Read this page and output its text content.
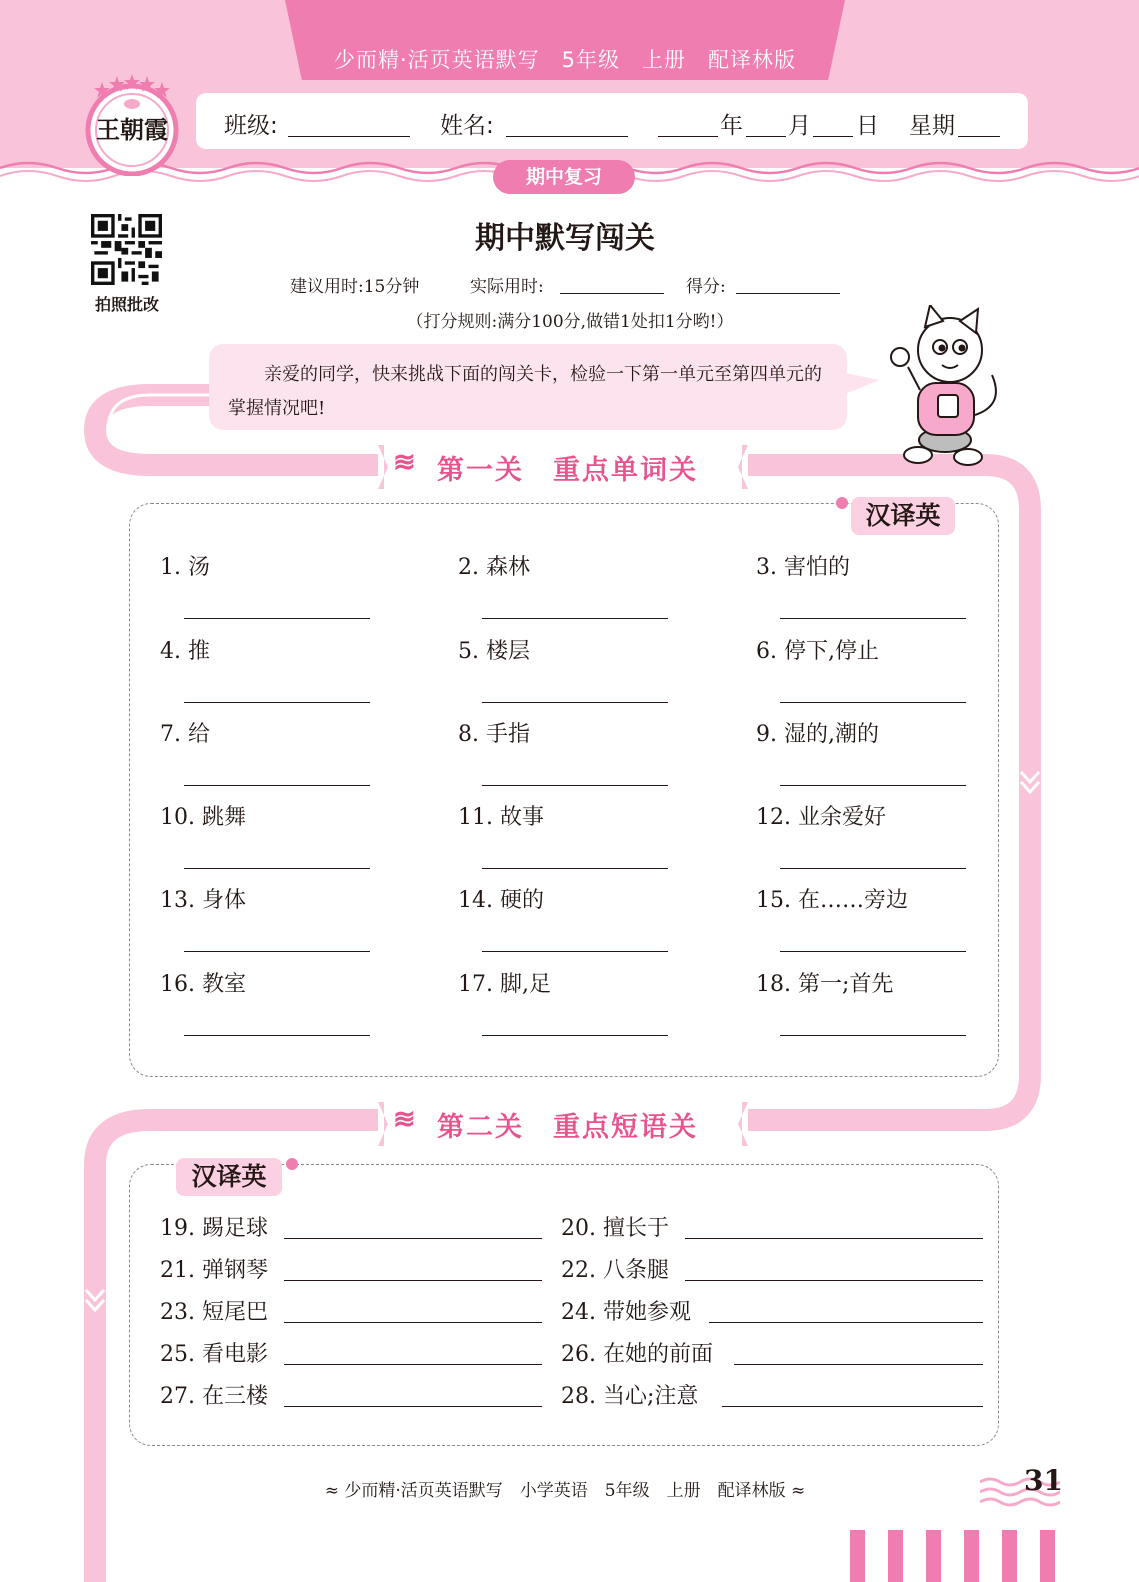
少而精·活页英语默写　5年级　上册　配译林版
班级:	姓名:	年 月 日 星期
王朝霞
期中复习
拍照批改
期中默写闯关
建议用时:15分钟	实际用时:	得分:
（打分规则:满分100分,做错1处扣1分哟!）
亲爱的同学，快来挑战下面的闯关卡，检验一下第一单元至第四单元的掌握情况吧!
≋ 第一关　重点单词关
汉译英
1. 汤	2. 森林	3. 害怕的
4. 推	5. 楼层	6. 停下,停止
7. 给	8. 手指	9. 湿的,潮的
10. 跳舞	11. 故事	12. 业余爱好
13. 身体	14. 硬的	15. 在……旁边
16. 教室	17. 脚,足	18. 第一;首先
≋ 第二关　重点短语关
汉译英
19. 踢足球	20. 擅长于
21. 弹钢琴	22. 八条腿
23. 短尾巴	24. 带她参观
25. 看电影	26. 在她的前面
27. 在三楼	28. 当心;注意
≈ 少而精·活页英语默写　小学英语　5年级　上册　配译林版 ≈	31
